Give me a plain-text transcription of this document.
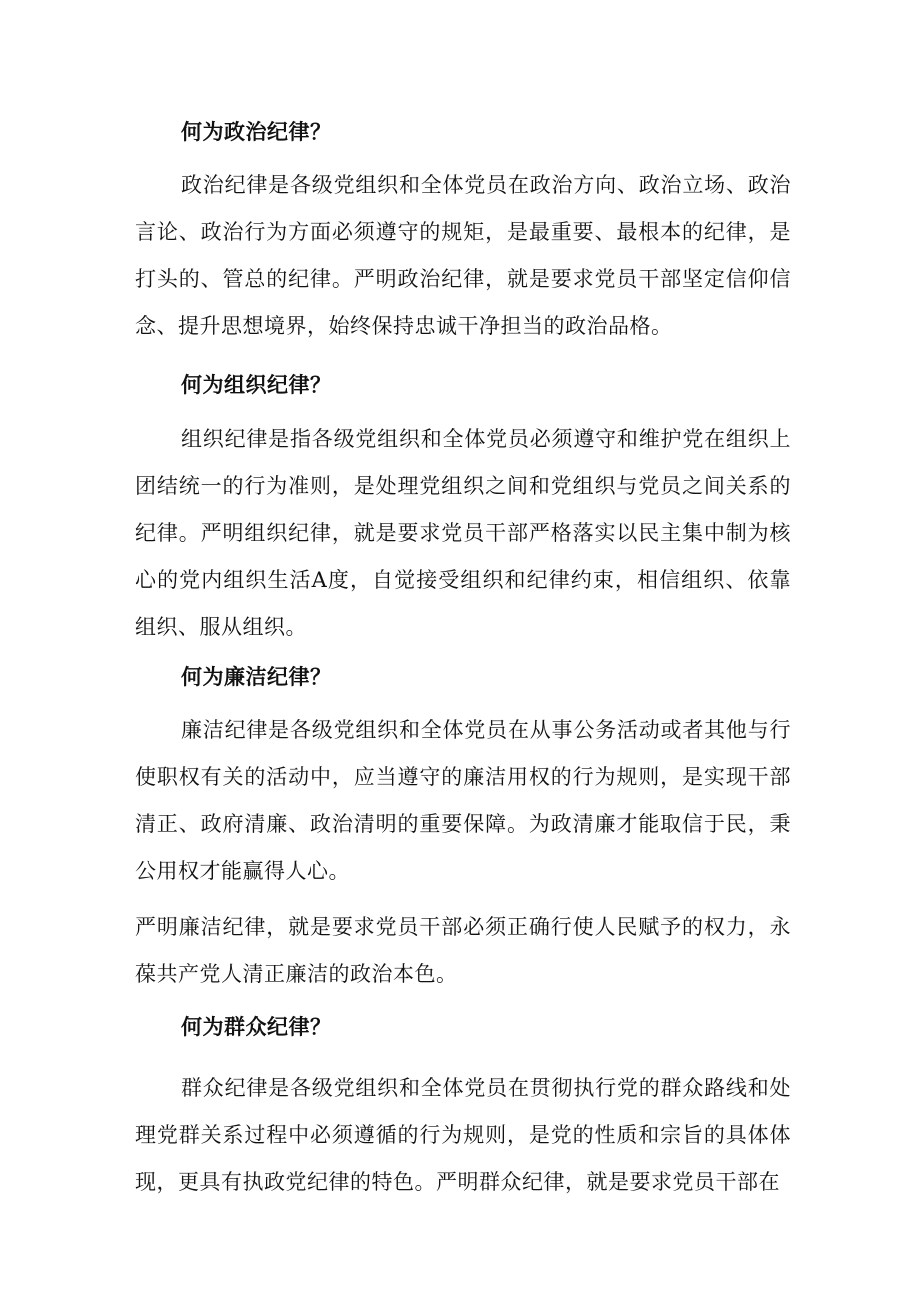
何为政治纪律？

政治纪律是各级党组织和全体党员在政治方向、政治立场、政治言论、政治行为方面必须遵守的规矩，是最重要、最根本的纪律，是打头的、管总的纪律。严明政治纪律，就是要求党员干部坚定信仰信念、提升思想境界，始终保持忠诚干净担当的政治品格。

何为组织纪律？

组织纪律是指各级党组织和全体党员必须遵守和维护党在组织上团结统一的行为准则，是处理党组织之间和党组织与党员之间关系的纪律。严明组织纪律，就是要求党员干部严格落实以民主集中制为核心的党内组织生活A度，自觉接受组织和纪律约束，相信组织、依靠组织、服从组织。

何为廉洁纪律？

廉洁纪律是各级党组织和全体党员在从事公务活动或者其他与行使职权有关的活动中，应当遵守的廉洁用权的行为规则，是实现干部清正、政府清廉、政治清明的重要保障。为政清廉才能取信于民，秉公用权才能赢得人心。

严明廉洁纪律，就是要求党员干部必须正确行使人民赋予的权力，永葆共产党人清正廉洁的政治本色。

何为群众纪律？

群众纪律是各级党组织和全体党员在贯彻执行党的群众路线和处理党群关系过程中必须遵循的行为规则，是党的性质和宗旨的具体体现，更具有执政党纪律的特色。严明群众纪律，就是要求党员干部在
